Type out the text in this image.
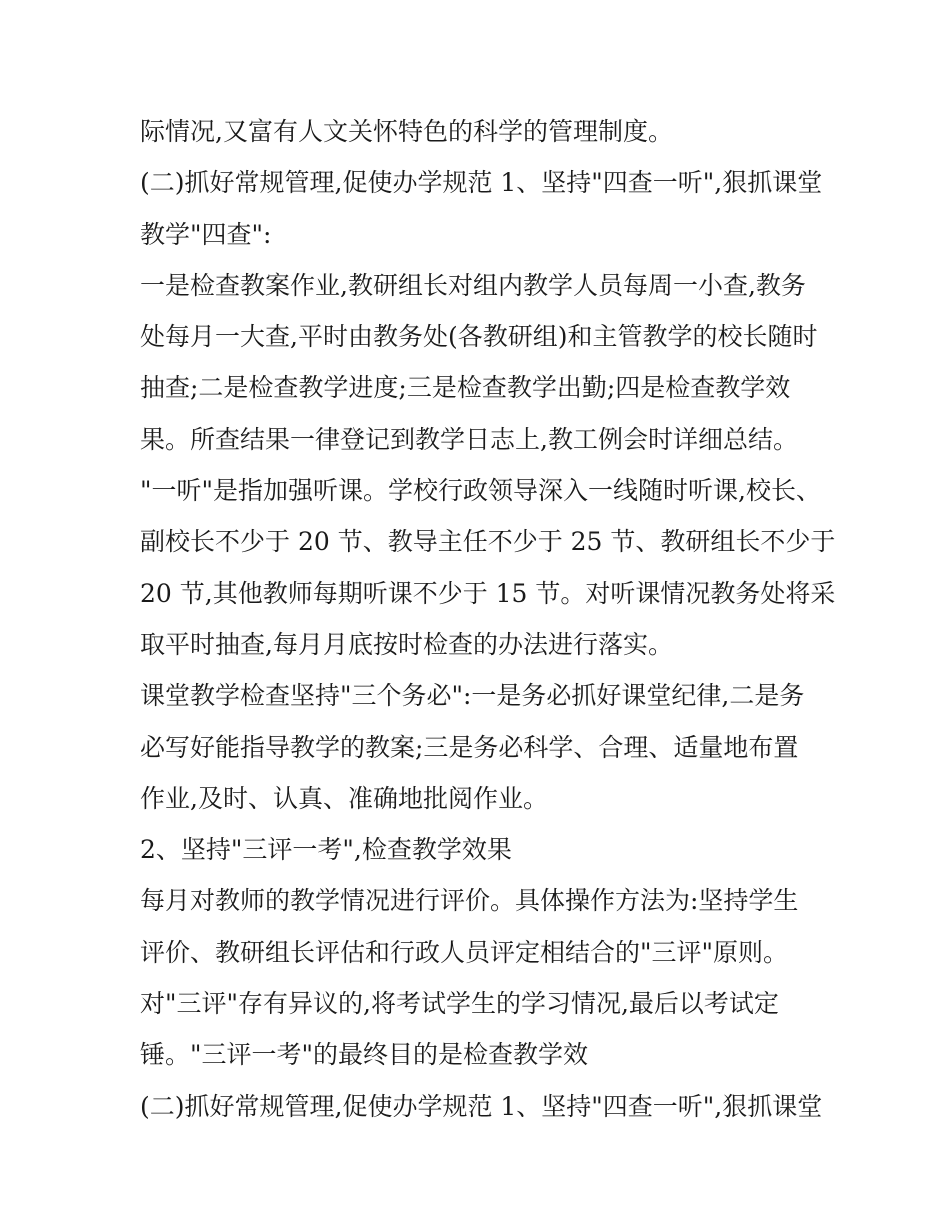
际情况,又富有人文关怀特色的科学的管理制度。
(二)抓好常规管理,促使办学规范 1、坚持"四查一听",狠抓课堂
教学"四查":
一是检查教案作业,教研组长对组内教学人员每周一小查,教务
处每月一大查,平时由教务处(各教研组)和主管教学的校长随时
抽查;二是检查教学进度;三是检查教学出勤;四是检查教学效
果。所查结果一律登记到教学日志上,教工例会时详细总结。
"一听"是指加强听课。学校行政领导深入一线随时听课,校长、
副校长不少于 20 节、教导主任不少于 25 节、教研组长不少于
20 节,其他教师每期听课不少于 15 节。对听课情况教务处将采
取平时抽查,每月月底按时检查的办法进行落实。
课堂教学检查坚持"三个务必":一是务必抓好课堂纪律,二是务
必写好能指导教学的教案;三是务必科学、合理、适量地布置
作业,及时、认真、准确地批阅作业。
2、坚持"三评一考",检查教学效果
每月对教师的教学情况进行评价。具体操作方法为:坚持学生
评价、教研组长评估和行政人员评定相结合的"三评"原则。
对"三评"存有异议的,将考试学生的学习情况,最后以考试定
锤。"三评一考"的最终目的是检查教学效
(二)抓好常规管理,促使办学规范 1、坚持"四查一听",狠抓课堂
